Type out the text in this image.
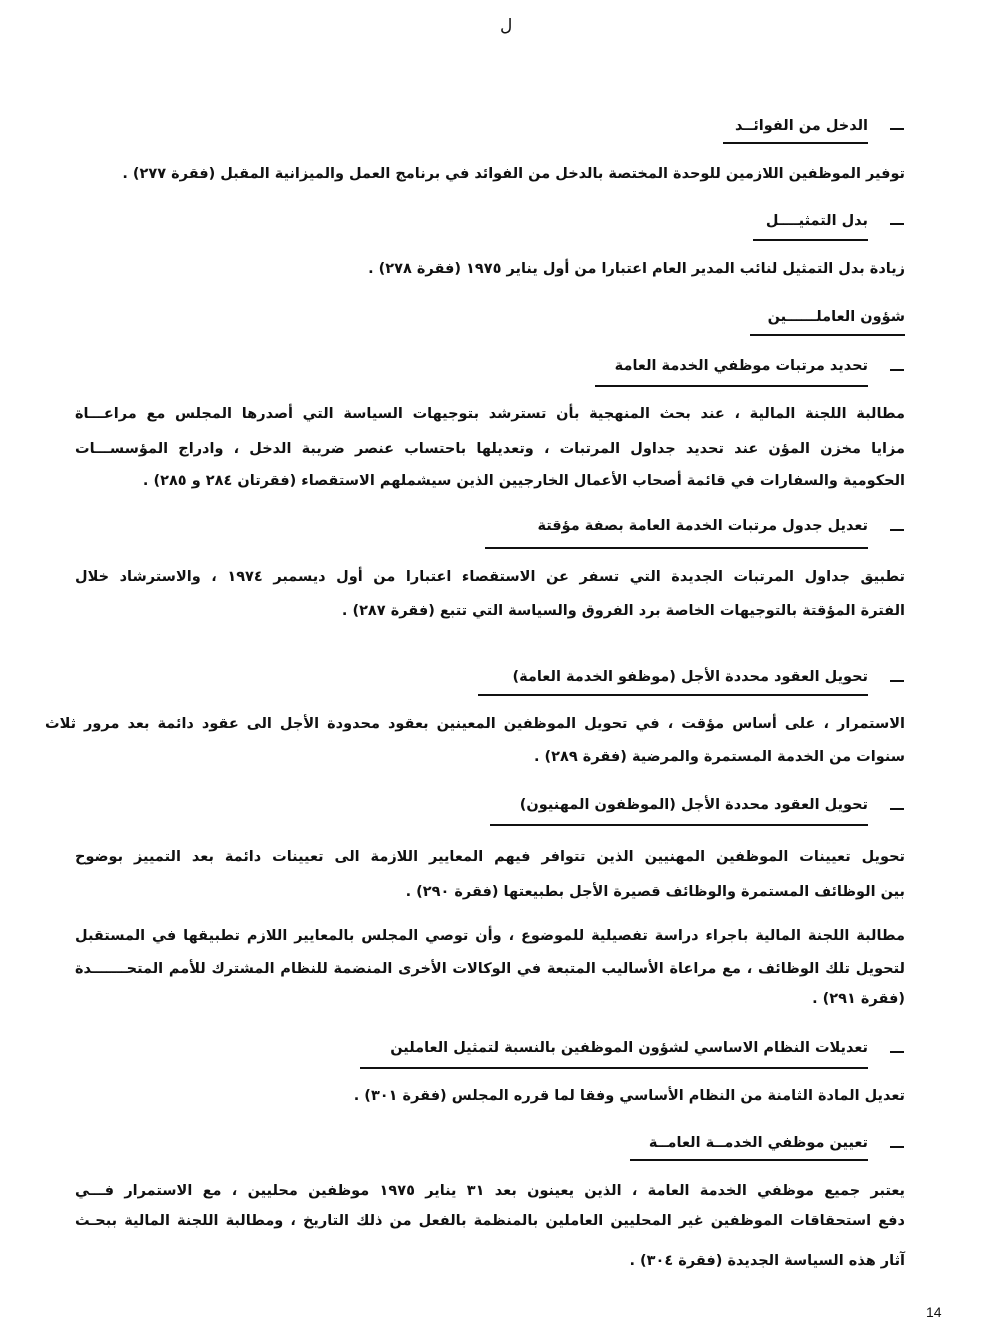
ل
الدخل من الفوائــد
توفير الموظفين اللازمين للوحدة المختصة بالدخل من الفوائد في برنامج العمل والميزانية المقبل (فقرة ٢٧٧) .
بدل التمثيــــل
زيادة بدل التمثيل لنائب المدير العام اعتبارا من أول يناير ١٩٧٥ (فقرة ٢٧٨) .
شؤون العاملــــــين
تحديد مرتبات موظفي الخدمة العامة
مطالبة اللجنة المالية ، عند بحث المنهجية بأن تسترشد بتوجيهات السياسة التي أصدرها المجلس مع مراعـــاة
مزايا مخزن المؤن عند تحديد جداول المرتبات ، وتعديلها باحتساب عنصر ضريبة الدخل ، وادراج المؤسســـات
الحكومية والسفارات في قائمة أصحاب الأعمال الخارجيين الذين سيشملهم الاستقصاء (فقرتان ٢٨٤ و ٢٨٥) .
تعديل جدول مرتبات الخدمة العامة بصفة مؤقتة
تطبيق جداول المرتبات الجديدة التي تسفر عن الاستقصاء اعتبارا من أول ديسمبر ١٩٧٤ ، والاسترشاد خلال
الفترة المؤقتة بالتوجيهات الخاصة برد الفروق والسياسة التي تتبع (فقرة ٢٨٧) .
تحويل العقود محددة الأجل (موظفو الخدمة العامة)
الاستمرار ، على أساس مؤقت ، في تحويل الموظفين المعينين بعقود محدودة الأجل الى عقود دائمة بعد مرور ثلاث
سنوات من الخدمة المستمرة والمرضية (فقرة ٢٨٩) .
تحويل العقود محددة الأجل (الموظفون المهنيون)
تحويل تعيينات الموظفين المهنيين الذين تتوافر فيهم المعايير اللازمة الى تعيينات دائمة بعد التمييز بوضوح
بين الوظائف المستمرة والوظائف قصيرة الأجل بطبيعتها (فقرة ٢٩٠) .
مطالبة اللجنة المالية باجراء دراسة تفصيلية للموضوع ، وأن توصي المجلس بالمعايير اللازم تطبيقها في المستقبل
لتحويل تلك الوظائف ، مع مراعاة الأساليب المتبعة في الوكالات الأخرى المنضمة للنظام المشترك للأمم المتحـــــــدة
(فقرة ٢٩١) .
تعديلات النظام الاساسي لشؤون الموظفين بالنسبة لتمثيل العاملين
تعديل المادة الثامنة من النظام الأساسي وفقا لما قرره المجلس (فقرة ٣٠١) .
تعيين موظفي الخدمــة العامــة
يعتبر جميع موظفي الخدمة العامة ، الذين يعينون بعد ٣١ يناير ١٩٧٥ موظفين محليين ، مع الاستمرار فـــي
دفع استحقاقات الموظفين غير المحليين العاملين بالمنظمة بالفعل من ذلك التاريخ ، ومطالبة اللجنة المالية ببحـث
آثار هذه السياسة الجديدة (فقرة ٣٠٤) .
14
